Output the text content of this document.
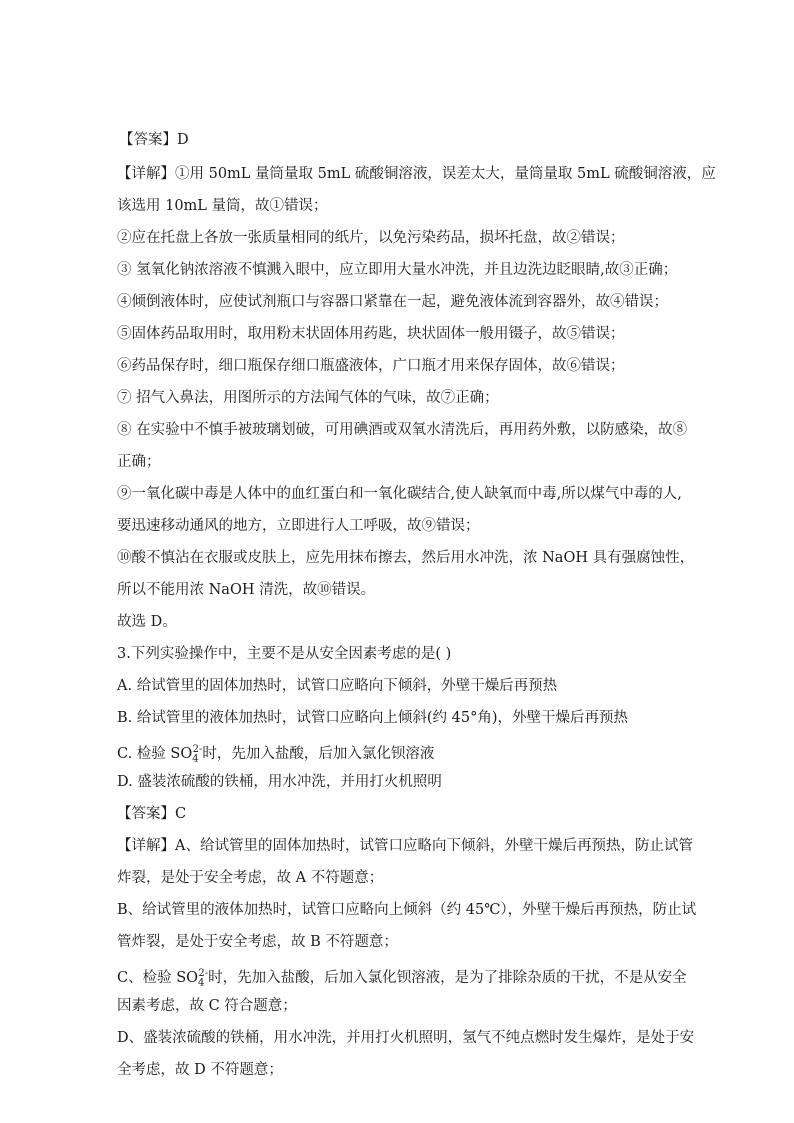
【答案】D
【详解】①用 50mL 量筒量取 5mL 硫酸铜溶液，误差太大，量筒量取 5mL 硫酸铜溶液，应
该选用 10mL 量筒，故①错误；
②应在托盘上各放一张质量相同的纸片，以免污染药品，损坏托盘，故②错误；
③ 氢氧化钠浓溶液不慎溅入眼中，应立即用大量水冲洗，并且边洗边眨眼睛,故③正确；
④倾倒液体时，应使试剂瓶口与容器口紧靠在一起，避免液体流到容器外，故④错误；
⑤固体药品取用时，取用粉末状固体用药匙，块状固体一般用镊子，故⑤错误；
⑥药品保存时，细口瓶保存细口瓶盛液体，广口瓶才用来保存固体，故⑥错误；
⑦ 招气入鼻法，用图所示的方法闻气体的气味，故⑦正确；
⑧ 在实验中不慎手被玻璃划破，可用碘酒或双氧水清洗后，再用药外敷，以防感染，故⑧
正确；
⑨一氧化碳中毒是人体中的血红蛋白和一氧化碳结合,使人缺氧而中毒,所以煤气中毒的人,
要迅速移动通风的地方，立即进行人工呼吸，故⑨错误；
⑩酸不慎沾在衣服或皮肤上，应先用抹布擦去，然后用水冲洗，浓 NaOH 具有强腐蚀性，
所以不能用浓 NaOH 清洗，故⑩错误。
故选 D。
3.下列实验操作中，主要不是从安全因素考虑的是( )
A. 给试管里的固体加热时，试管口应略向下倾斜，外壁干燥后再预热
B. 给试管里的液体加热时，试管口应略向上倾斜(约 45°角)，外壁干燥后再预热
C. 检验 $SO_4^{2-}$时，先加入盐酸，后加入氯化钡溶液
D. 盛装浓硫酸的铁桶，用水冲洗，并用打火机照明
【答案】C
【详解】A、给试管里的固体加热时，试管口应略向下倾斜，外壁干燥后再预热，防止试管
炸裂，是处于安全考虑，故 A 不符题意；
B、给试管里的液体加热时，试管口应略向上倾斜（约 45℃），外壁干燥后再预热，防止试
管炸裂，是处于安全考虑，故 B 不符题意；
C、检验 $SO_4^{2-}$时，先加入盐酸，后加入氯化钡溶液，是为了排除杂质的干扰，不是从安全
因素考虑，故 C 符合题意；
D、盛装浓硫酸的铁桶，用水冲洗，并用打火机照明，氢气不纯点燃时发生爆炸，是处于安
全考虑，故 D 不符题意；
